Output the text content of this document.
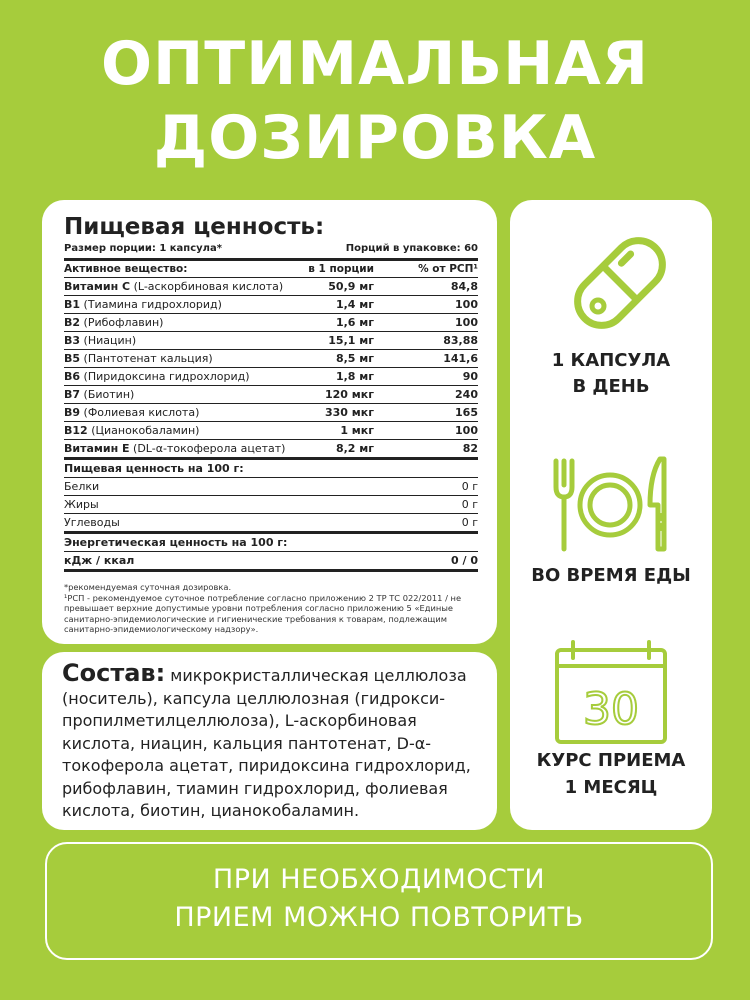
ОПТИМАЛЬНАЯ
ДОЗИРОВКА

Пищевая ценность:

Размер порции: 1 капсула*	Порций в упаковке: 60
Активное вещество:	в 1 порции	% от РСП¹
Витамин С (L-аскорбиновая кислота)	50,9 мг	84,8
В1 (Тиамина гидрохлорид)	1,4 мг	100
В2 (Рибофлавин)	1,6 мг	100
В3 (Ниацин)	15,1 мг	83,88
В5 (Пантотенат кальция)	8,5 мг	141,6
В6 (Пиридоксина гидрохлорид)	1,8 мг	90
В7 (Биотин)	120 мкг	240
В9 (Фолиевая кислота)	330 мкг	165
В12 (Цианокобаламин)	1 мкг	100
Витамин Е (DL-α-токоферола ацетат)	8,2 мг	82
Пищевая ценность на 100 г:
Белки	0 г
Жиры	0 г
Углеводы	0 г
Энергетическая ценность на 100 г:
кДж / ккал	0 / 0
*рекомендуемая суточная дозировка.
¹РСП - рекомендуемое суточное потребление согласно приложению 2 ТР ТС 022/2011 / не превышает верхние допустимые уровни потребления согласно приложению 5 «Единые санитарно-эпидемиологические и гигиенические требования к товарам, подлежащим санитарно-эпидемиологическому надзору».

Состав: микрокристаллическая целлюлоза (носитель), капсула целлюлозная (гидрокси-пропилметилцеллюлоза), L-аскорбиновая кислота, ниацин, кальция пантотенат, D-α-токоферола ацетат, пиридоксина гидрохлорид, рибофлавин, тиамин гидрохлорид, фолиевая кислота, биотин, цианокобаламин.

1 КАПСУЛА
В ДЕНЬ
ВО ВРЕМЯ ЕДЫ
30
КУРС ПРИЕМА
1 МЕСЯЦ
ПРИ НЕОБХОДИМОСТИ
ПРИЕМ МОЖНО ПОВТОРИТЬ
